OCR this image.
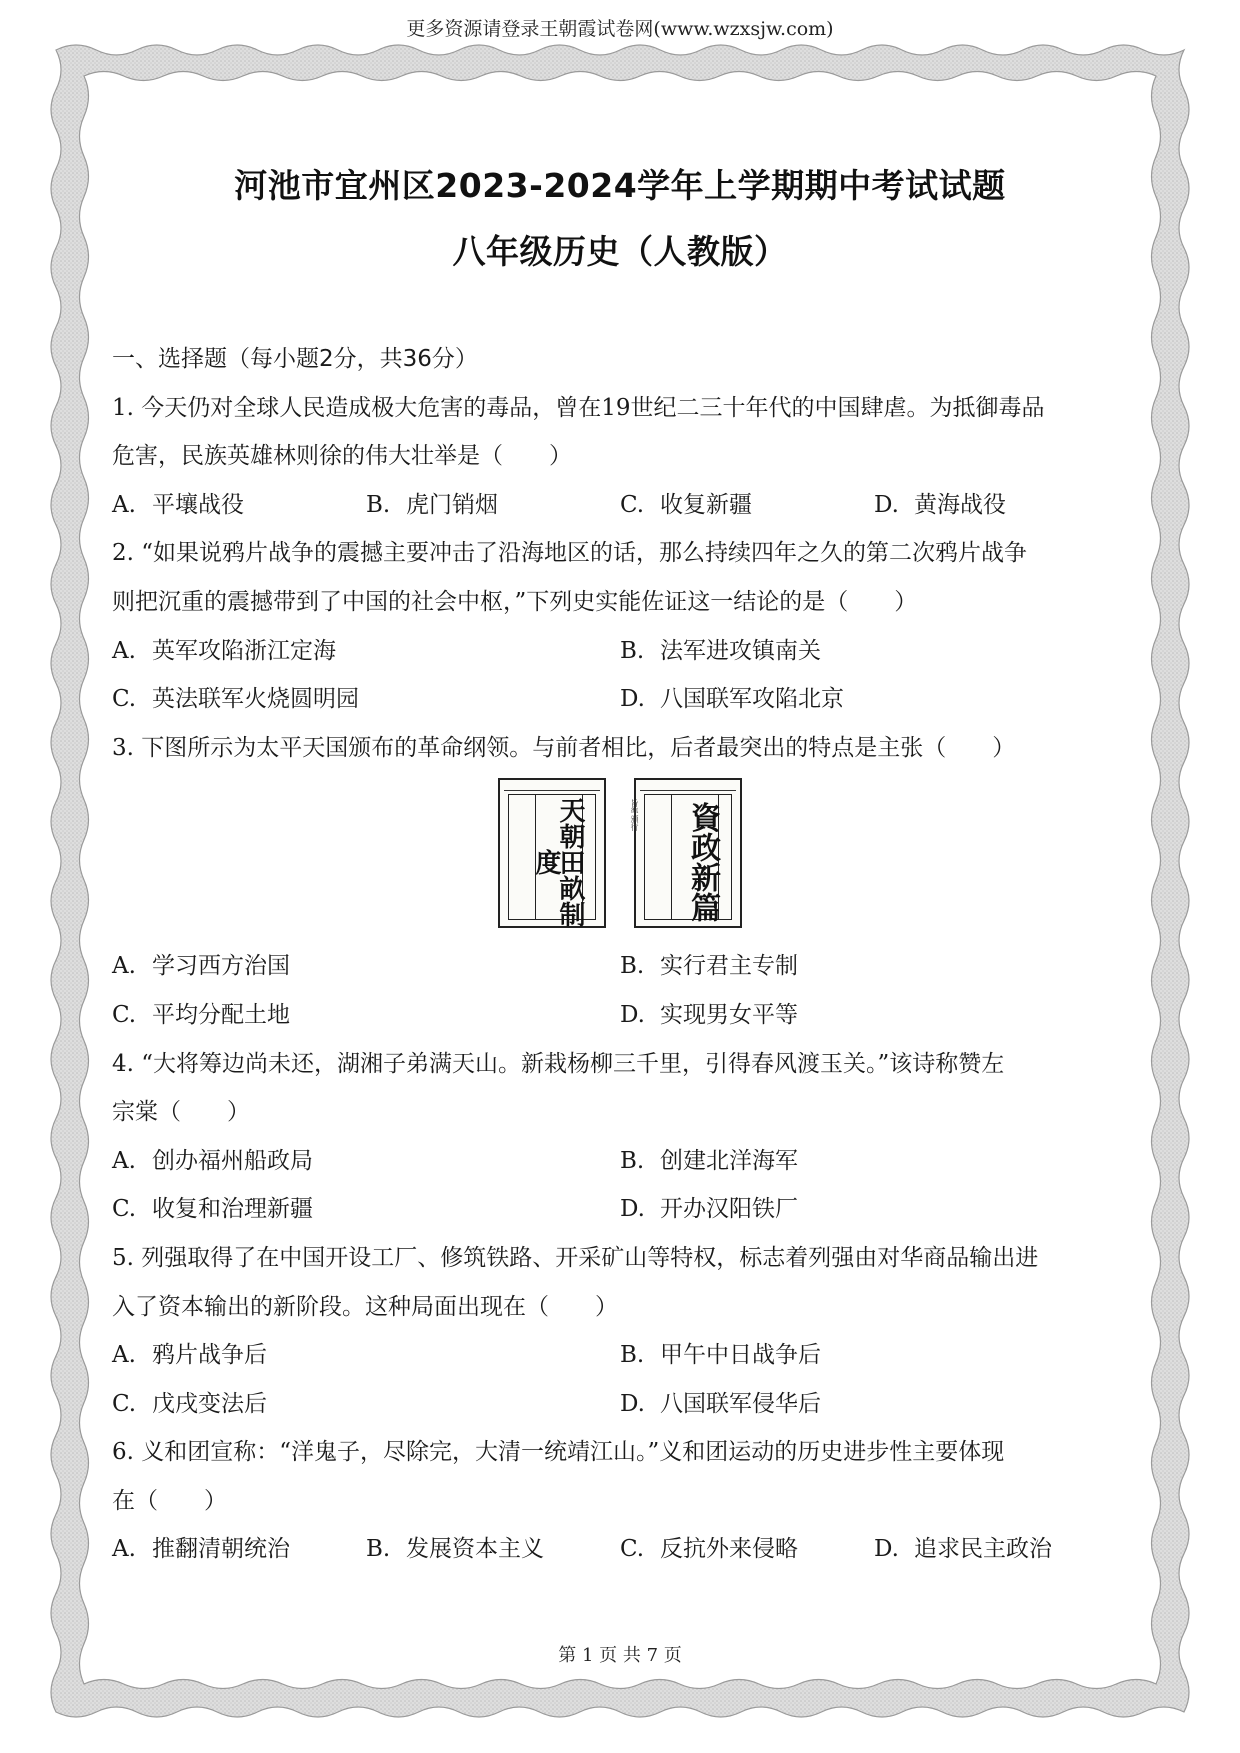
更多资源请登录王朝霞试卷网(www.wzxsjw.com)
河池市宜州区2023-2024学年上学期期中考试试题
八年级历史（人教版）
一、选择题（每小题2分，共36分）
1. 今天仍对全球人民造成极大危害的毒品，曾在19世纪二三十年代的中国肆虐。为抵御毒品
危害，民族英雄林则徐的伟大壮举是（　　）
A. 平壤战役	B. 虎门销烟	C. 收复新疆	D. 黄海战役
2. “如果说鸦片战争的震撼主要冲击了沿海地区的话，那么持续四年之久的第二次鸦片战争
则把沉重的震撼带到了中国的社会中枢，”下列史实能佐证这一结论的是（　　）
A. 英军攻陷浙江定海	B. 法军进攻镇南关
C. 英法联军火烧圆明园	D. 八国联军攻陷北京
3. 下图所示为太平天国颁布的革命纲领。与前者相比，后者最突出的特点是主张（　　）
天朝田畝制度
旨準頒行	資政新篇
A. 学习西方治国	B. 实行君主专制
C. 平均分配土地	D. 实现男女平等
4. “大将筹边尚未还，湖湘子弟满天山。新栽杨柳三千里，引得春风渡玉关。”该诗称赞左
宗棠（　　）
A. 创办福州船政局	B. 创建北洋海军
C. 收复和治理新疆	D. 开办汉阳铁厂
5. 列强取得了在中国开设工厂、修筑铁路、开采矿山等特权，标志着列强由对华商品输出进
入了资本输出的新阶段。这种局面出现在（　　）
A. 鸦片战争后	B. 甲午中日战争后
C. 戊戌变法后	D. 八国联军侵华后
6. 义和团宣称：“洋鬼子，尽除完，大清一统靖江山。”义和团运动的历史进步性主要体现
在（　　）
A. 推翻清朝统治	B. 发展资本主义	C. 反抗外来侵略	D. 追求民主政治
第 1 页 共 7 页
